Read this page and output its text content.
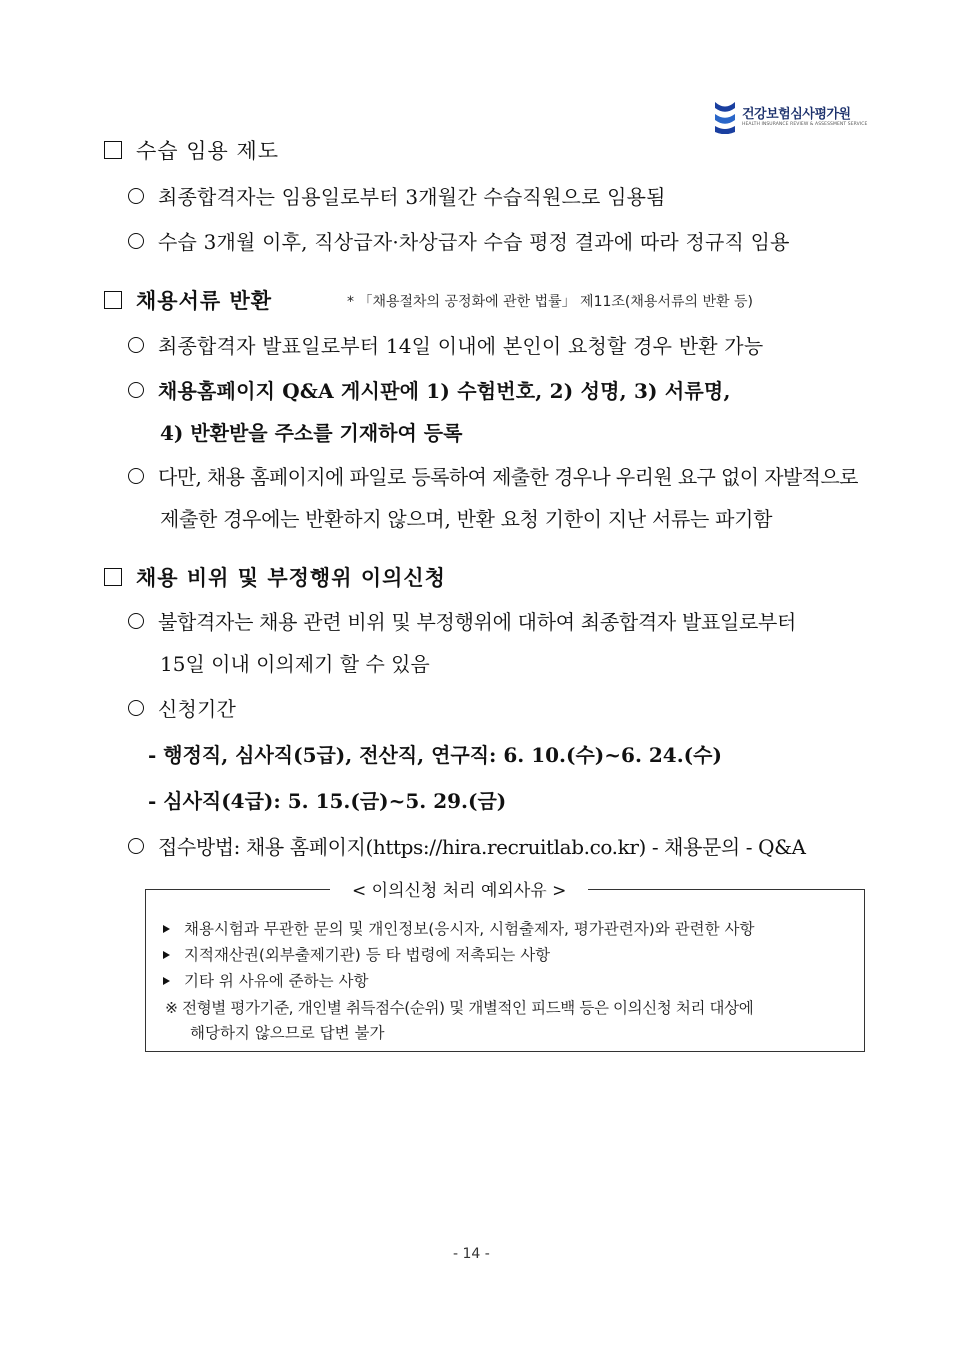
건강보험심사평가원
HEALTH INSURANCE REVIEW & ASSESSMENT SERVICE
수습 임용 제도
최종합격자는 임용일로부터 3개월간 수습직원으로 임용됨
수습 3개월 이후, 직상급자·차상급자 수습 평정 결과에 따라 정규직 임용
채용서류 반환	* 「채용절차의 공정화에 관한 법률」 제11조(채용서류의 반환 등)
최종합격자 발표일로부터 14일 이내에 본인이 요청할 경우 반환 가능
채용홈페이지 Q&A 게시판에 1) 수험번호, 2) 성명, 3) 서류명,
4) 반환받을 주소를 기재하여 등록
다만, 채용 홈페이지에 파일로 등록하여 제출한 경우나 우리원 요구 없이 자발적으로
제출한 경우에는 반환하지 않으며, 반환 요청 기한이 지난 서류는 파기함
채용 비위 및 부정행위 이의신청
불합격자는 채용 관련 비위 및 부정행위에 대하여 최종합격자 발표일로부터
15일 이내 이의제기 할 수 있음
신청기간
- 행정직, 심사직(5급), 전산직, 연구직: 6. 10.(수)~6. 24.(수)
- 심사직(4급): 5. 15.(금)~5. 29.(금)
접수방법: 채용 홈페이지(https://hira.recruitlab.co.kr) - 채용문의 - Q&A
< 이의신청 처리 예외사유 >
채용시험과 무관한 문의 및 개인정보(응시자, 시험출제자, 평가관련자)와 관련한 사항
지적재산권(외부출제기관) 등 타 법령에 저촉되는 사항
기타 위 사유에 준하는 사항
※ 전형별 평가기준, 개인별 취득점수(순위) 및 개별적인 피드백 등은 이의신청 처리 대상에
해당하지 않으므로 답변 불가
- 14 -
